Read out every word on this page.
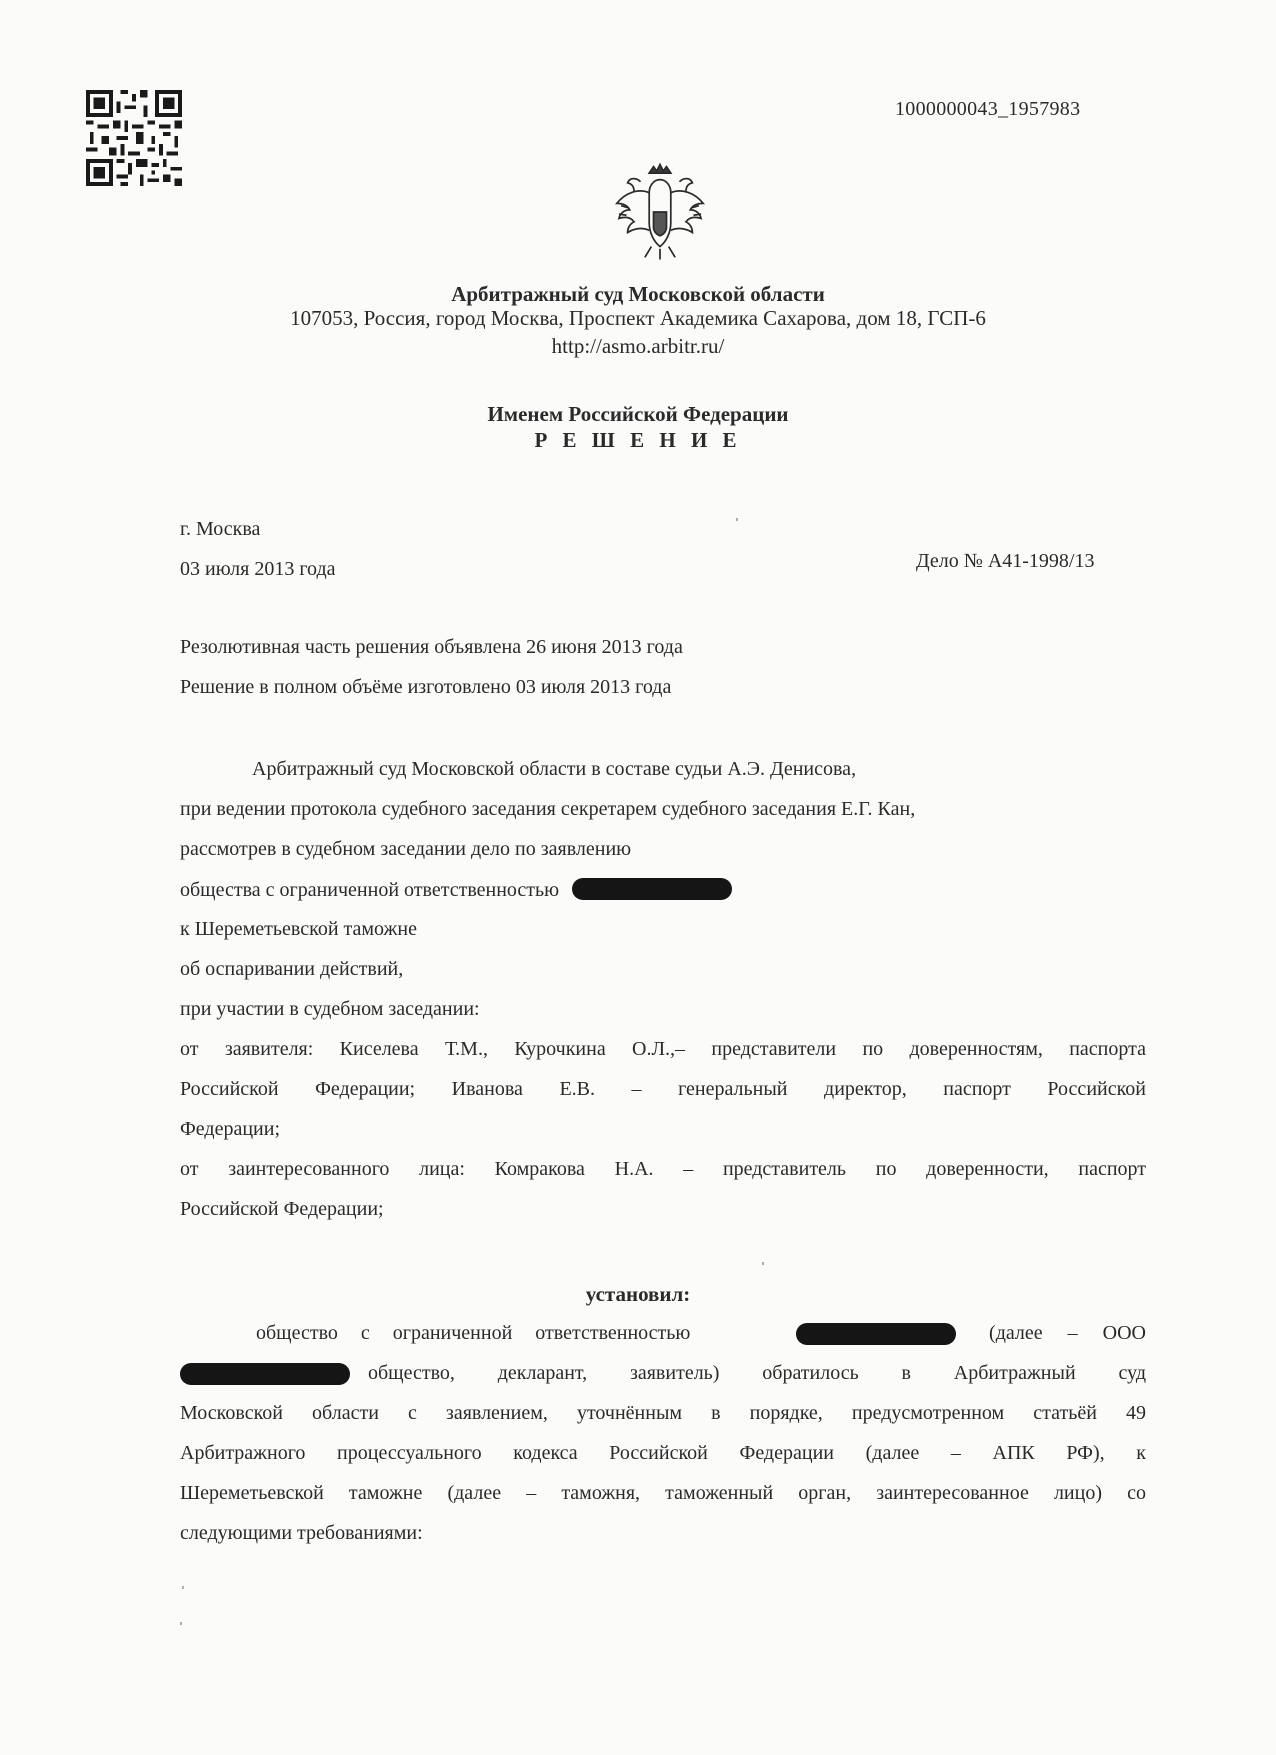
1000000043_1957983
Арбитражный суд Московской области
107053, Россия, город Москва, Проспект Академика Сахарова, дом 18, ГСП-6
http://asmo.arbitr.ru/
Именем Российской Федерации
Р Е Ш Е Н И Е
г. Москва
03 июля 2013 года	Дело № А41-1998/13
Резолютивная часть решения объявлена 26 июня 2013 года
Решение в полном объёме изготовлено 03 июля 2013 года
Арбитражный суд Московской области в составе судьи А.Э. Денисова,
при ведении протокола судебного заседания секретарем судебного заседания Е.Г. Кан,
рассмотрев в судебном заседании дело по заявлению
общества с ограниченной ответственностью
к Шереметьевской таможне
об оспаривании действий,
при участии в судебном заседании:
от заявителя: Киселева Т.М., Курочкина О.Л.,– представители по доверенностям, паспорта
Российской Федерации; Иванова Е.В. – генеральный директор, паспорт Российской
Федерации;
от заинтересованного лица: Комракова Н.А. – представитель по доверенности, паспорт
Российской Федерации;
установил:
общество с ограниченной ответственностью	(далее – ООО
общество, декларант, заявитель) обратилось в Арбитражный суд
Московской области с заявлением, уточнённым в порядке, предусмотренном статьёй 49
Арбитражного процессуального кодекса Российской Федерации (далее – АПК РФ), к
Шереметьевской таможне (далее – таможня, таможенный орган, заинтересованное лицо) со
следующими требованиями:
